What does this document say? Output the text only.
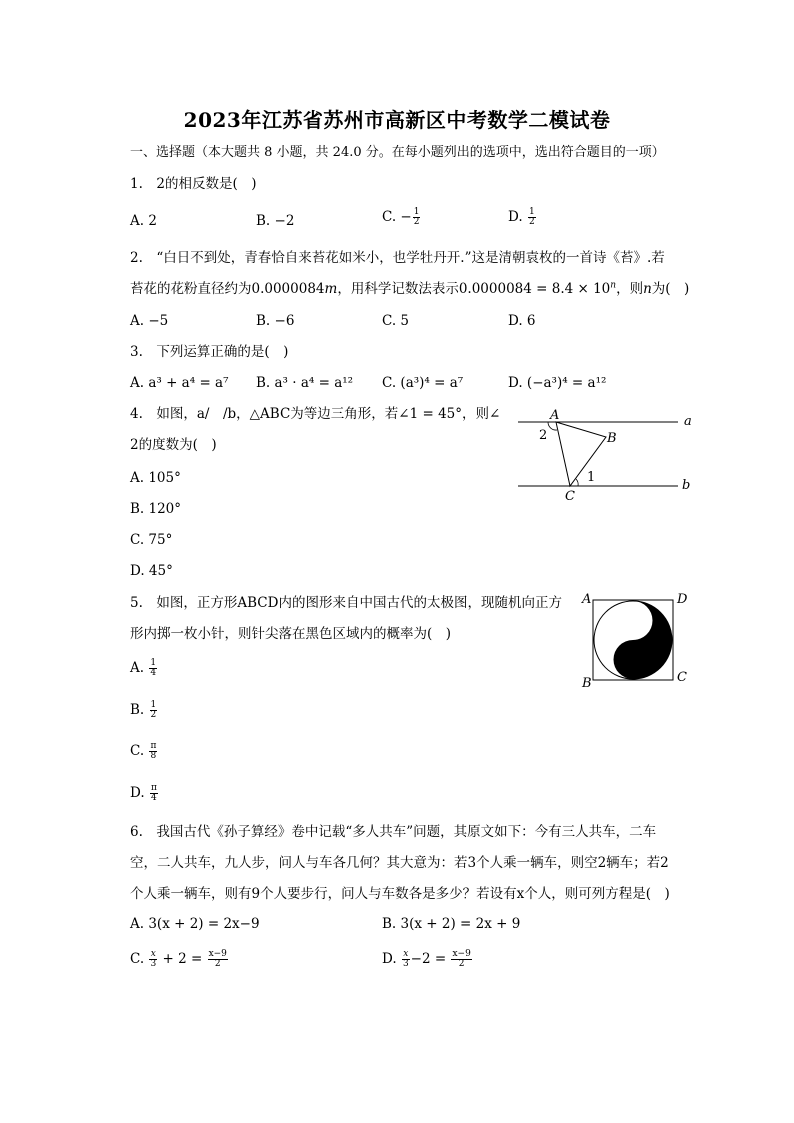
2023年江苏省苏州市高新区中考数学二模试卷
一、选择题（本大题共 8 小题，共 24.0 分。在每小题列出的选项中，选出符合题目的一项）
1.　2的相反数是(　)
A. 2	B. −2	C. − $\frac{1}{2}$	D. $\frac{1}{2}$
2.　“白日不到处，青春恰自来苔花如米小，也学牡丹开.”这是清朝袁枚的一首诗《苔》.若
苔花的花粉直径约为0.0000084m，用科学记数法表示$0.0000084 = 8.4 \times 10^n$，则n为(　)
A. −5	B. −6	C. 5	D. 6
3.　下列运算正确的是(　)
A. a³ + a⁴ = a⁷ B. a³ · a⁴ = a¹² C. (a³)⁴ = a⁷	D. (−a³)⁴ = a¹²
4.　如图，a/　/b，△ABC为等边三角形，若∠1 = 45°，则∠
2的度数为(　)
A. 105°
B. 120°
C. 75°
D. 45°
a
b
A
B
C
1
2
5.　如图，正方形ABCD内的图形来自中国古代的太极图，现随机向正方
形内掷一枚小针，则针尖落在黑色区域内的概率为(　)
A. $\frac{1}{4}$
B. $\frac{1}{2}$
C. $\frac{\pi}{8}$
D. $\frac{\pi}{4}$
A	D
B	C
6.　我国古代《孙子算经》卷中记载“多人共车”问题，其原文如下：今有三人共车，二车
空，二人共车，九人步，问人与车各几何？其大意为：若3个人乘一辆车，则空2辆车；若2
个人乘一辆车，则有9个人要步行，问人与车数各是多少？若设有x个人，则可列方程是(　)
A. 3(x + 2) = 2x−9	B. 3(x + 2) = 2x + 9
C. $\frac{x}{3} + 2 = \frac{x-9}{2}$	D. $\frac{x}{3} -2 = \frac{x-9}{2}$
